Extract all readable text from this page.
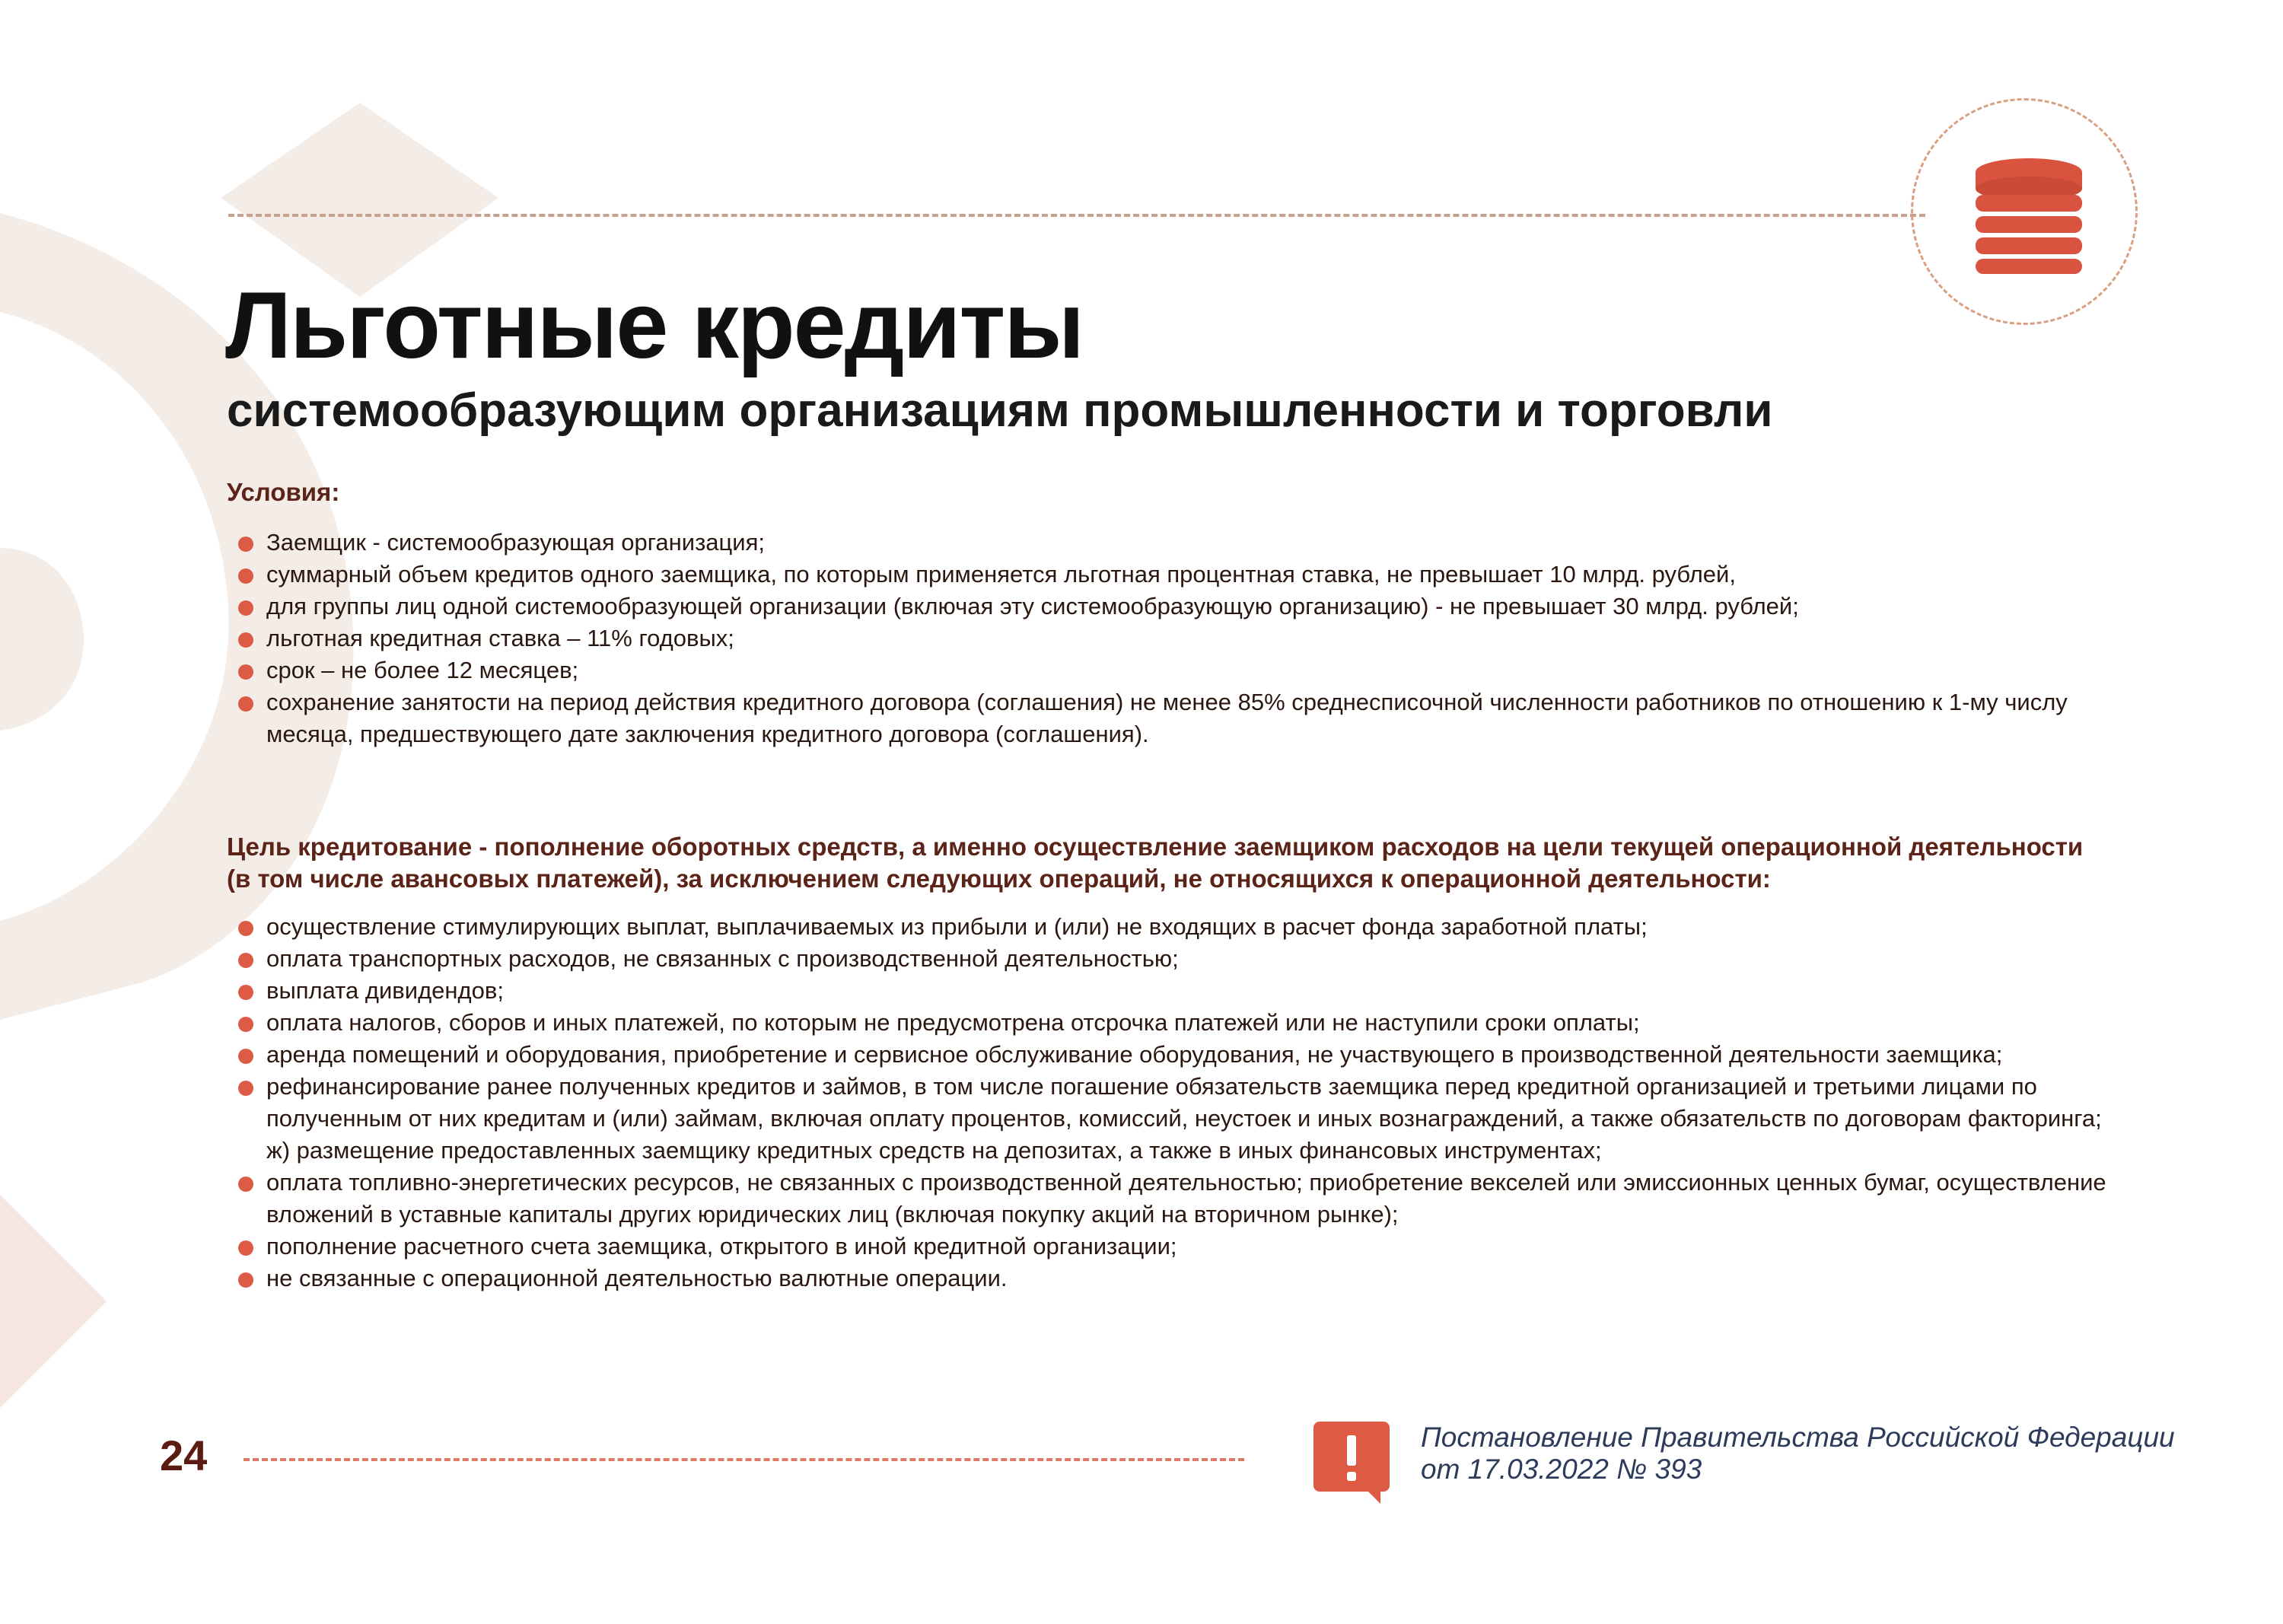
Льготные кредиты
системообразующим организациям промышленности и торговли

Условия:

Заемщик - системообразующая организация;
суммарный объем кредитов одного заемщика, по которым применяется льготная процентная ставка, не превышает 10 млрд. рублей,
для группы лиц одной системообразующей организации (включая эту системообразующую организацию) - не превышает 30 млрд. рублей;
льготная кредитная ставка – 11% годовых;
срок – не более 12 месяцев;
сохранение занятости на период действия кредитного договора (соглашения) не менее 85% среднесписочной численности работников по отношению к 1-му числу месяца, предшествующего дате заключения кредитного договора (соглашения).

Цель кредитование - пополнение оборотных средств, а именно осуществление заемщиком расходов на цели текущей операционной деятельности (в том числе авансовых платежей), за исключением следующих операций, не относящихся к операционной деятельности:

осуществление стимулирующих выплат, выплачиваемых из прибыли и (или) не входящих в расчет фонда заработной платы;
оплата транспортных расходов, не связанных с производственной деятельностью;
выплата дивидендов;
оплата налогов, сборов и иных платежей, по которым не предусмотрена отсрочка платежей или не наступили сроки оплаты;
аренда помещений и оборудования, приобретение и сервисное обслуживание оборудования, не участвующего в производственной деятельности заемщика;
рефинансирование ранее полученных кредитов и займов, в том числе погашение обязательств заемщика перед кредитной организацией и третьими лицами по полученным от них кредитам и (или) займам, включая оплату процентов, комиссий, неустоек и иных вознаграждений, а также обязательств по договорам факторинга; ж) размещение предоставленных заемщику кредитных средств на депозитах, а также в иных финансовых инструментах;
оплата топливно-энергетических ресурсов, не связанных с производственной деятельностью; приобретение векселей или эмиссионных ценных бумаг, осуществление вложений в уставные капиталы других юридических лиц (включая покупку акций на вторичном рынке);
пополнение расчетного счета заемщика, открытого в иной кредитной организации;
не связанные с операционной деятельностью валютные операции.
24	Постановление Правительства Российской Федерации от 17.03.2022 № 393
